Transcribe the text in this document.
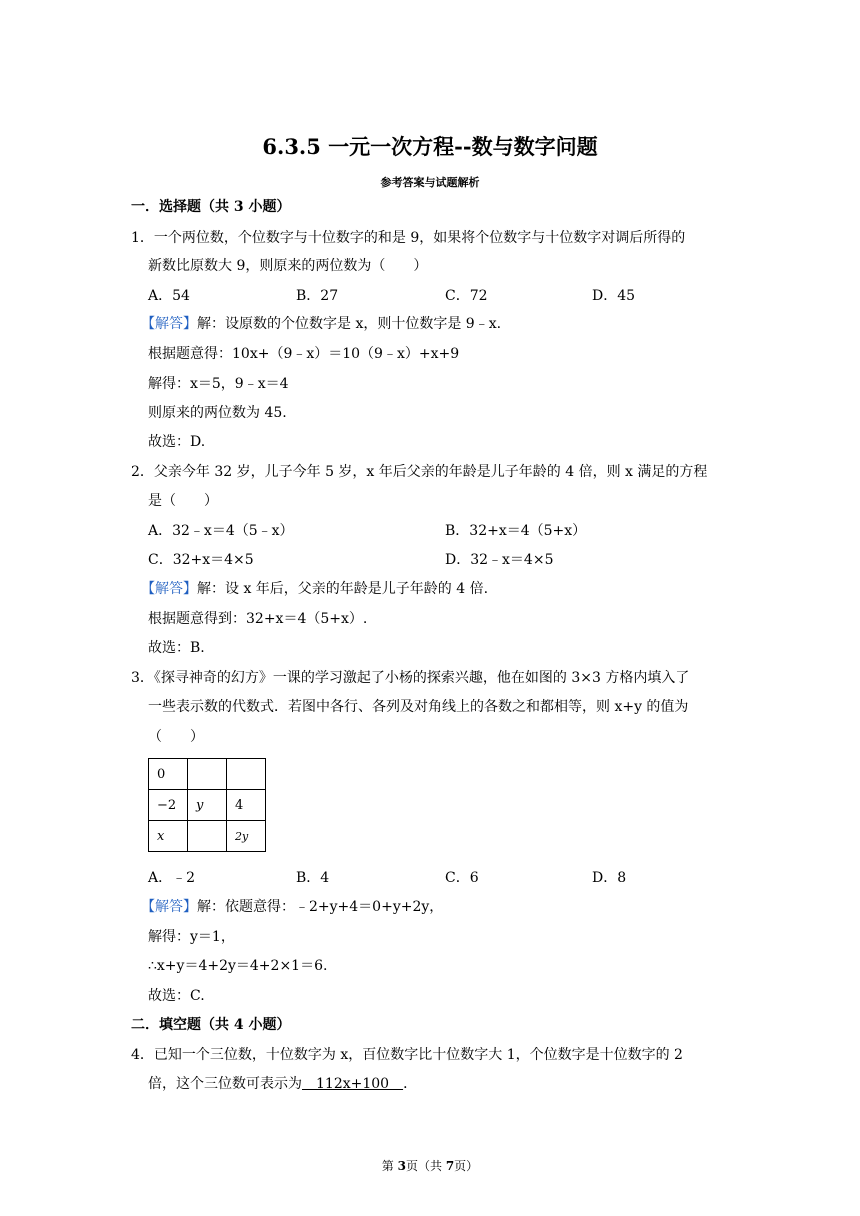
6.3.5 一元一次方程--数与数字问题
参考答案与试题解析
一．选择题（共 3 小题）
1．一个两位数，个位数字与十位数字的和是 9，如果将个位数字与十位数字对调后所得的
新数比原数大 9，则原来的两位数为（　　）
A．54	B．27	C．72	D．45
【解答】解：设原数的个位数字是 x，则十位数字是 9﹣x.
根据题意得：10x+（9﹣x）＝10（9﹣x）+x+9
解得：x＝5，9﹣x＝4
则原来的两位数为 45.
故选：D.
2．父亲今年 32 岁，儿子今年 5 岁，x 年后父亲的年龄是儿子年龄的 4 倍，则 x 满足的方程
是（　　）
A．32﹣x＝4（5﹣x）	B．32+x＝4（5+x）
C．32+x＝4×5	D．32﹣x＝4×5
【解答】解：设 x 年后，父亲的年龄是儿子年龄的 4 倍.
根据题意得到：32+x＝4（5+x）.
故选：B.
3．《探寻神奇的幻方》一课的学习激起了小杨的探索兴趣，他在如图的 3×3 方格内填入了
一些表示数的代数式．若图中各行、各列及对角线上的各数之和都相等，则 x+y 的值为
（　　）
0		
−2	y	4
x		2y
A．﹣2	B．4	C．6	D．8
【解答】解：依题意得：﹣2+y+4＝0+y+2y，
解得：y＝1，
∴x+y＝4+2y＝4+2×1＝6.
故选：C.
二．填空题（共 4 小题）
4．已知一个三位数，十位数字为 x，百位数字比十位数字大 1，个位数字是十位数字的 2
倍，这个三位数可表示为　112x+100　．
第 3页（共 7页）
